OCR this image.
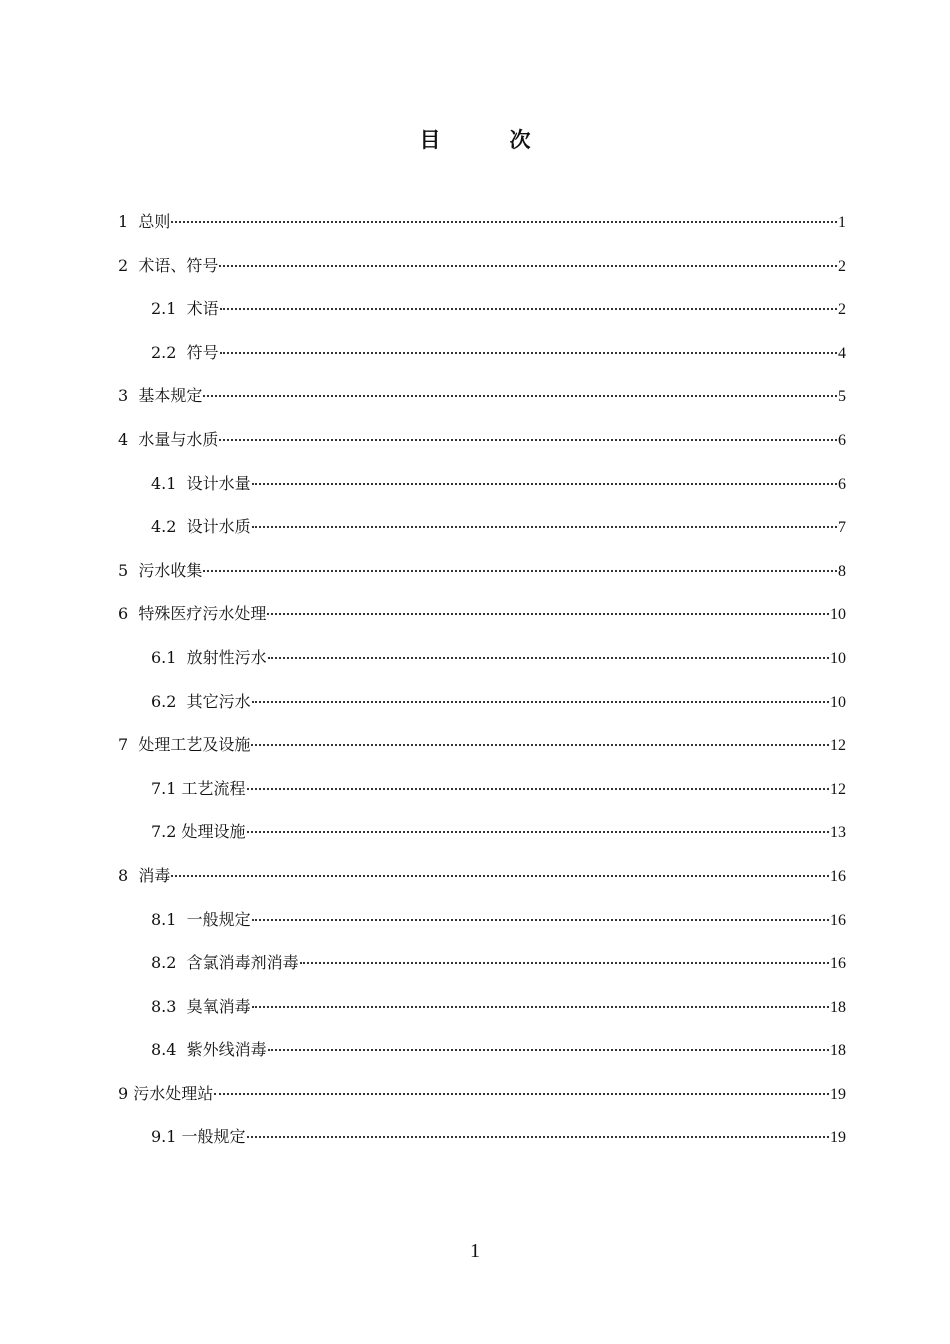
目　次
1  总则	1
2  术语、符号	2
2.1  术语	2
2.2  符号	4
3  基本规定	5
4  水量与水质	6
4.1  设计水量	6
4.2  设计水质	7
5  污水收集	8
6  特殊医疗污水处理	10
6.1  放射性污水	10
6.2  其它污水	10
7  处理工艺及设施	12
7.1 工艺流程	12
7.2 处理设施	13
8  消毒	16
8.1  一般规定	16
8.2  含氯消毒剂消毒	16
8.3  臭氧消毒	18
8.4  紫外线消毒	18
9 污水处理站	19
9.1 一般规定	19
1
